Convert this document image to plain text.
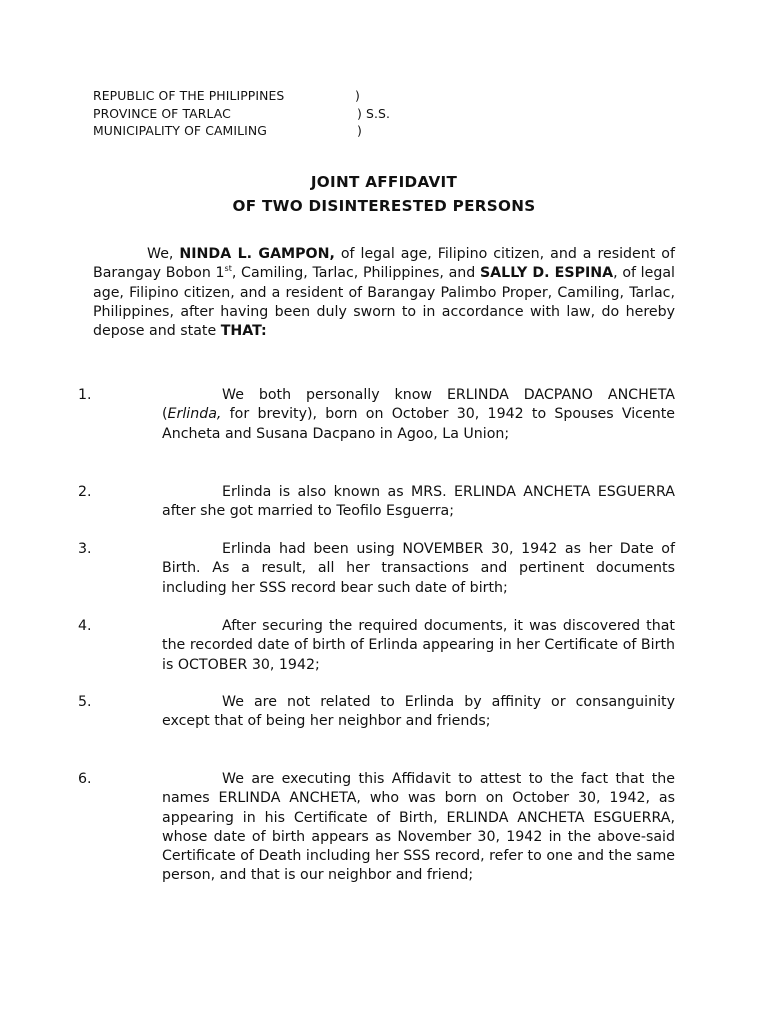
REPUBLIC OF THE PHILIPPINES	)
PROVINCE OF TARLAC	) S.S.
MUNICIPALITY OF CAMILING	)
JOINT AFFIDAVIT
OF TWO DISINTERESTED PERSONS
We, NINDA L. GAMPON, of legal age, Filipino citizen, and a resident of Barangay Bobon 1st, Camiling, Tarlac, Philippines, and SALLY D. ESPINA, of legal age, Filipino citizen, and a resident of Barangay Palimbo Proper, Camiling, Tarlac, Philippines, after having been duly sworn to in accordance with law, do hereby depose and state THAT:
1.	We both personally know ERLINDA DACPANO ANCHETA (Erlinda, for brevity), born on October 30, 1942 to Spouses Vicente Ancheta and Susana Dacpano in Agoo, La Union;
2.	Erlinda is also known as MRS. ERLINDA ANCHETA ESGUERRA after she got married to Teofilo Esguerra;
3.	Erlinda had been using NOVEMBER 30, 1942 as her Date of Birth. As a result, all her transactions and pertinent documents including her SSS record bear such date of birth;
4.	After securing the required documents, it was discovered that the recorded date of birth of Erlinda appearing in her Certificate of Birth is OCTOBER 30, 1942;
5.	We are not related to Erlinda by affinity or consanguinity except that of being her neighbor and friends;
6.	We are executing this Affidavit to attest to the fact that the names ERLINDA ANCHETA, who was born on October 30, 1942, as appearing in his Certificate of Birth, ERLINDA ANCHETA ESGUERRA, whose date of birth appears as November 30, 1942 in the above-said Certificate of Death including her SSS record, refer to one and the same person, and that is our neighbor and friend;
